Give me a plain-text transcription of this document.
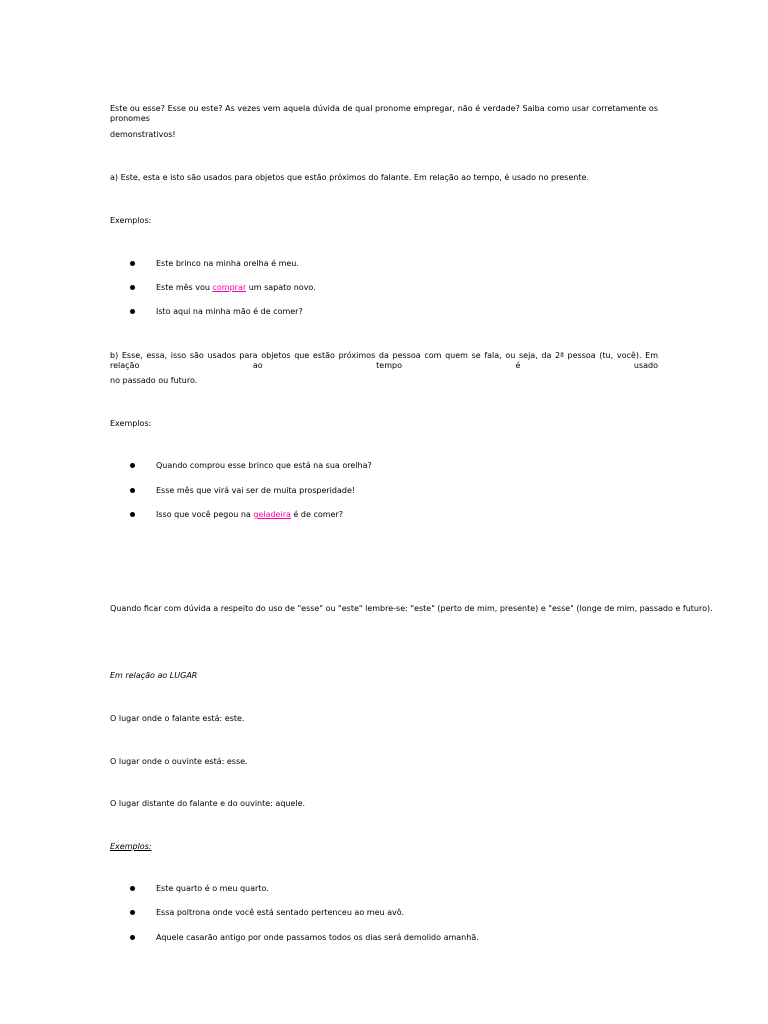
Este ou esse? Esse ou este? As vezes vem aquela dúvida de qual pronome empregar, não é verdade? Saiba como usar corretamente os pronomes
demonstrativos!
a) Este, esta e isto são usados para objetos que estão próximos do falante. Em relação ao tempo, é usado no presente.
Exemplos:
Este brinco na minha orelha é meu.
Este mês vou comprar um sapato novo.
Isto aqui na minha mão é de comer?
b) Esse, essa, isso são usados para objetos que estão próximos da pessoa com quem se fala, ou seja, da 2ª pessoa (tu, você). Em relação ao tempo é usado
no passado ou futuro.
Exemplos:
Quando comprou esse brinco que está na sua orelha?
Esse mês que virá vai ser de muita prosperidade!
Isso que você pegou na geladeira é de comer?
Quando ficar com dúvida a respeito do uso de "esse" ou "este" lembre-se: "este" (perto de mim, presente) e "esse" (longe de mim, passado e futuro).
Em relação ao LUGAR
O lugar onde o falante está: este.
O lugar onde o ouvinte está: esse.
O lugar distante do falante e do ouvinte: aquele.
Exemplos:
Este quarto é o meu quarto.
Essa poltrona onde você está sentado pertenceu ao meu avô.
Aquele casarão antigo por onde passamos todos os dias será demolido amanhã.
